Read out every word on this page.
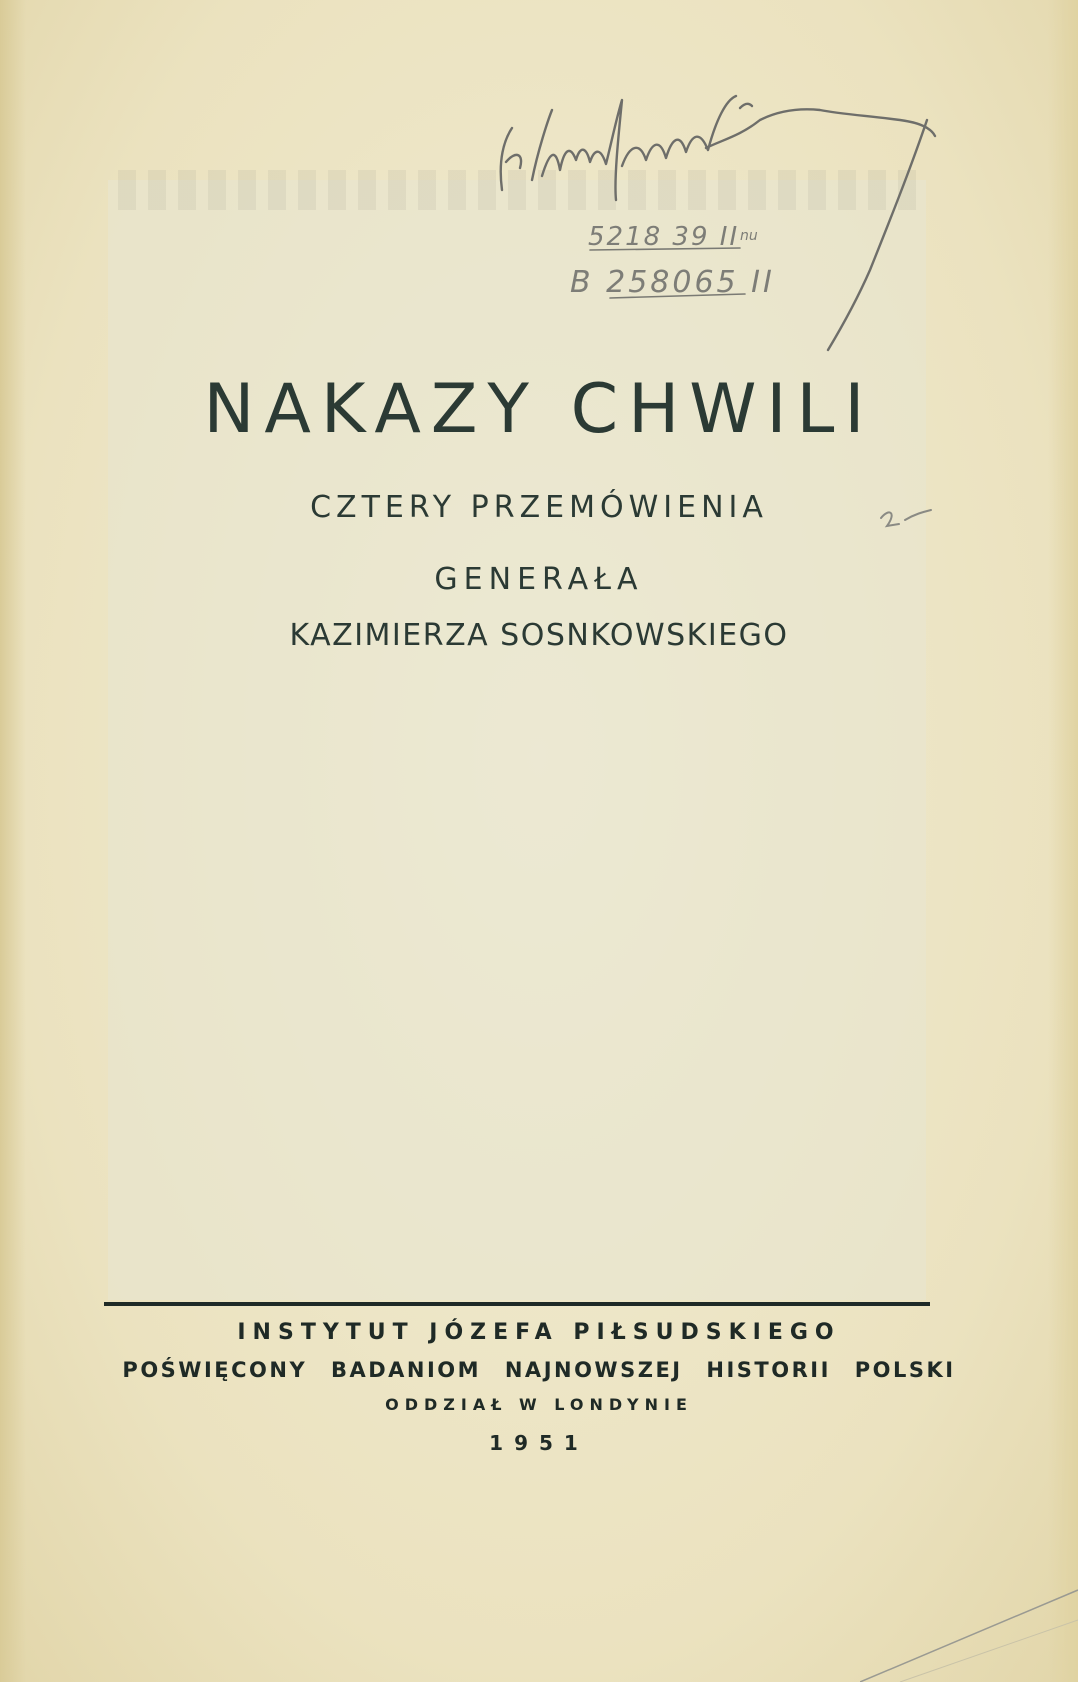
5218 39 II nu
B 258065 II
NAKAZY CHWILI

CZTERY PRZEMÓWIENIA

GENERAŁA

KAZIMIERZA SOSNKOWSKIEGO

INSTYTUT JÓZEFA PIŁSUDSKIEGO

POŚWIĘCONY BADANIOM NAJNOWSZEJ HISTORII POLSKI

ODDZIAŁ W LONDYNIE

1951
